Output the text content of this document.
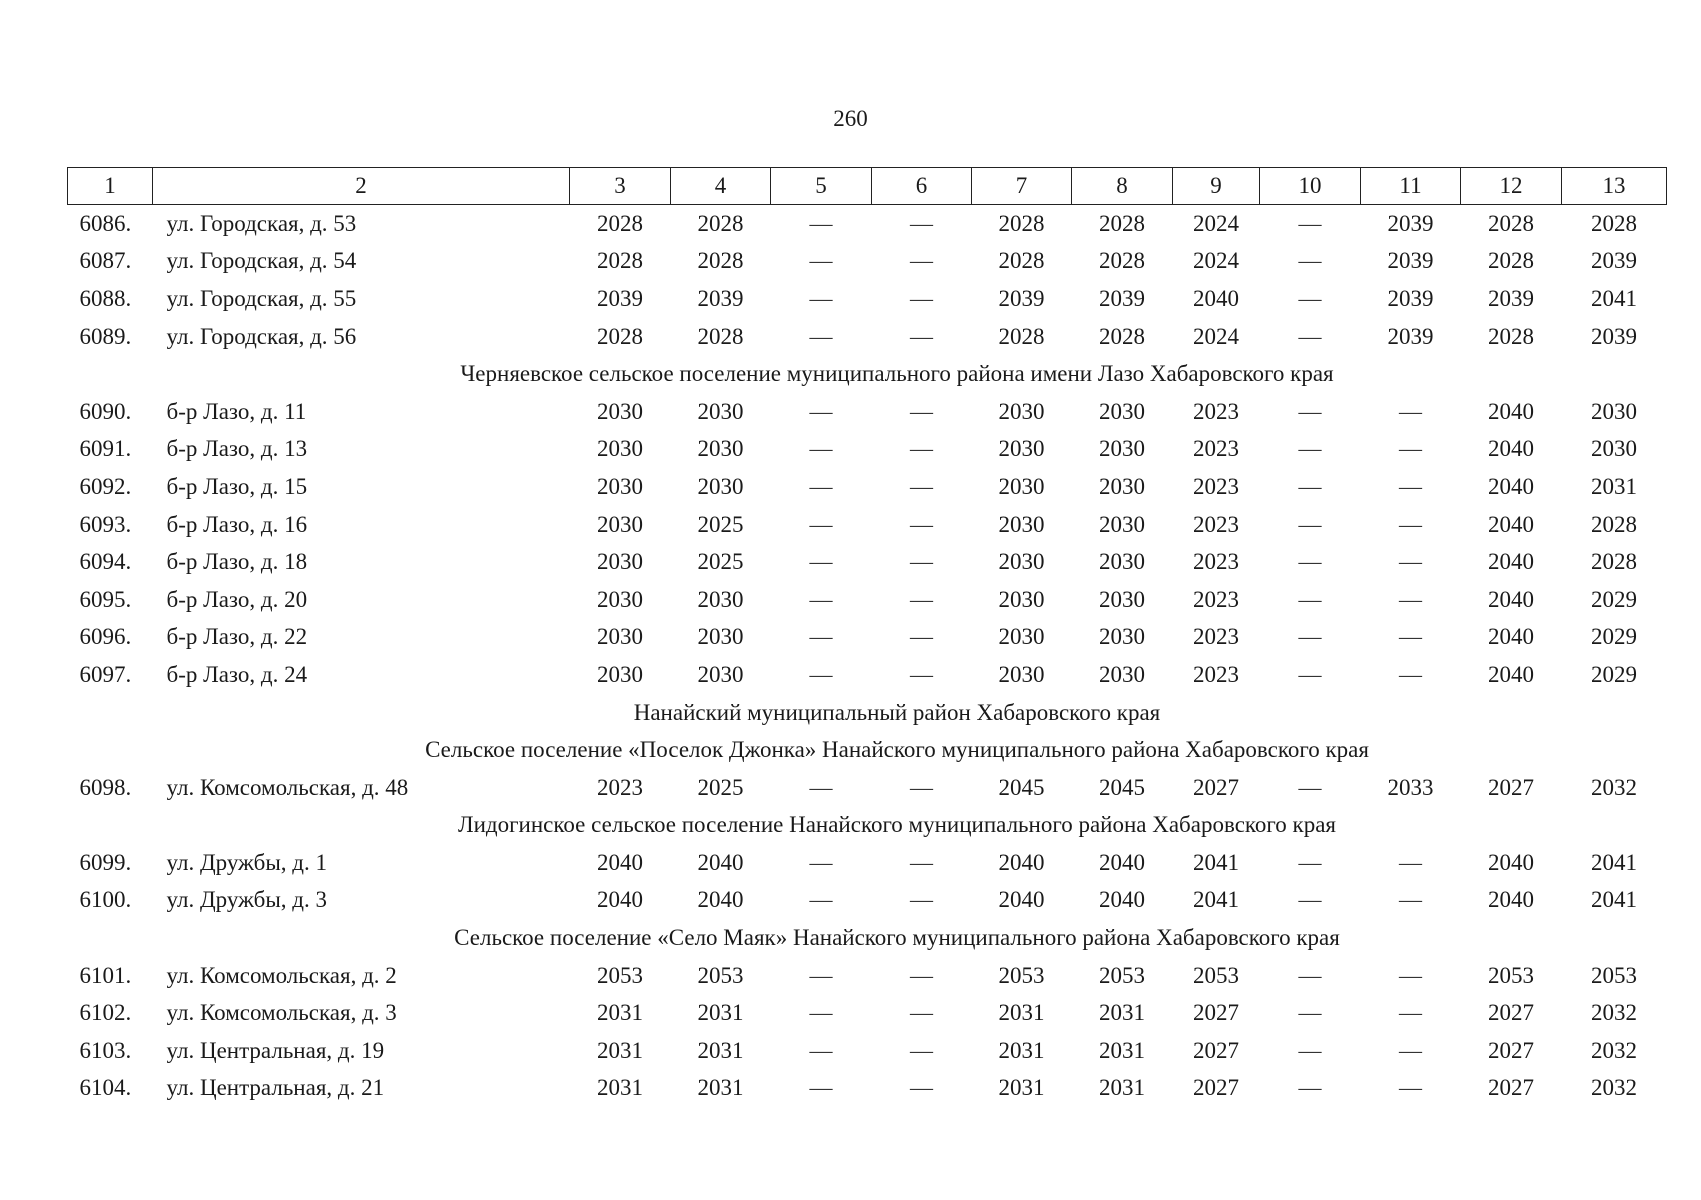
260
1	2	3	4	5	6	7	8	9	10	11	12	13
6086.	ул. Городская, д. 53	2028	2028	—	—	2028	2028	2024	—	2039	2028	2028
6087.	ул. Городская, д. 54	2028	2028	—	—	2028	2028	2024	—	2039	2028	2039
6088.	ул. Городская, д. 55	2039	2039	—	—	2039	2039	2040	—	2039	2039	2041
6089.	ул. Городская, д. 56	2028	2028	—	—	2028	2028	2024	—	2039	2028	2039
Черняевское сельское поселение муниципального района имени Лазо Хабаровского края												
6090.	б-р Лазо, д. 11	2030	2030	—	—	2030	2030	2023	—	—	2040	2030
6091.	б-р Лазо, д. 13	2030	2030	—	—	2030	2030	2023	—	—	2040	2030
6092.	б-р Лазо, д. 15	2030	2030	—	—	2030	2030	2023	—	—	2040	2031
6093.	б-р Лазо, д. 16	2030	2025	—	—	2030	2030	2023	—	—	2040	2028
6094.	б-р Лазо, д. 18	2030	2025	—	—	2030	2030	2023	—	—	2040	2028
6095.	б-р Лазо, д. 20	2030	2030	—	—	2030	2030	2023	—	—	2040	2029
6096.	б-р Лазо, д. 22	2030	2030	—	—	2030	2030	2023	—	—	2040	2029
6097.	б-р Лазо, д. 24	2030	2030	—	—	2030	2030	2023	—	—	2040	2029
Нанайский муниципальный район Хабаровского края												
Сельское поселение «Поселок Джонка» Нанайского муниципального района Хабаровского края												
6098.	ул. Комсомольская, д. 48	2023	2025	—	—	2045	2045	2027	—	2033	2027	2032
Лидогинское сельское поселение Нанайского муниципального района Хабаровского края												
6099.	ул. Дружбы, д. 1	2040	2040	—	—	2040	2040	2041	—	—	2040	2041
6100.	ул. Дружбы, д. 3	2040	2040	—	—	2040	2040	2041	—	—	2040	2041
Сельское поселение «Село Маяк» Нанайского муниципального района Хабаровского края												
6101.	ул. Комсомольская, д. 2	2053	2053	—	—	2053	2053	2053	—	—	2053	2053
6102.	ул. Комсомольская, д. 3	2031	2031	—	—	2031	2031	2027	—	—	2027	2032
6103.	ул. Центральная, д. 19	2031	2031	—	—	2031	2031	2027	—	—	2027	2032
6104.	ул. Центральная, д. 21	2031	2031	—	—	2031	2031	2027	—	—	2027	2032
